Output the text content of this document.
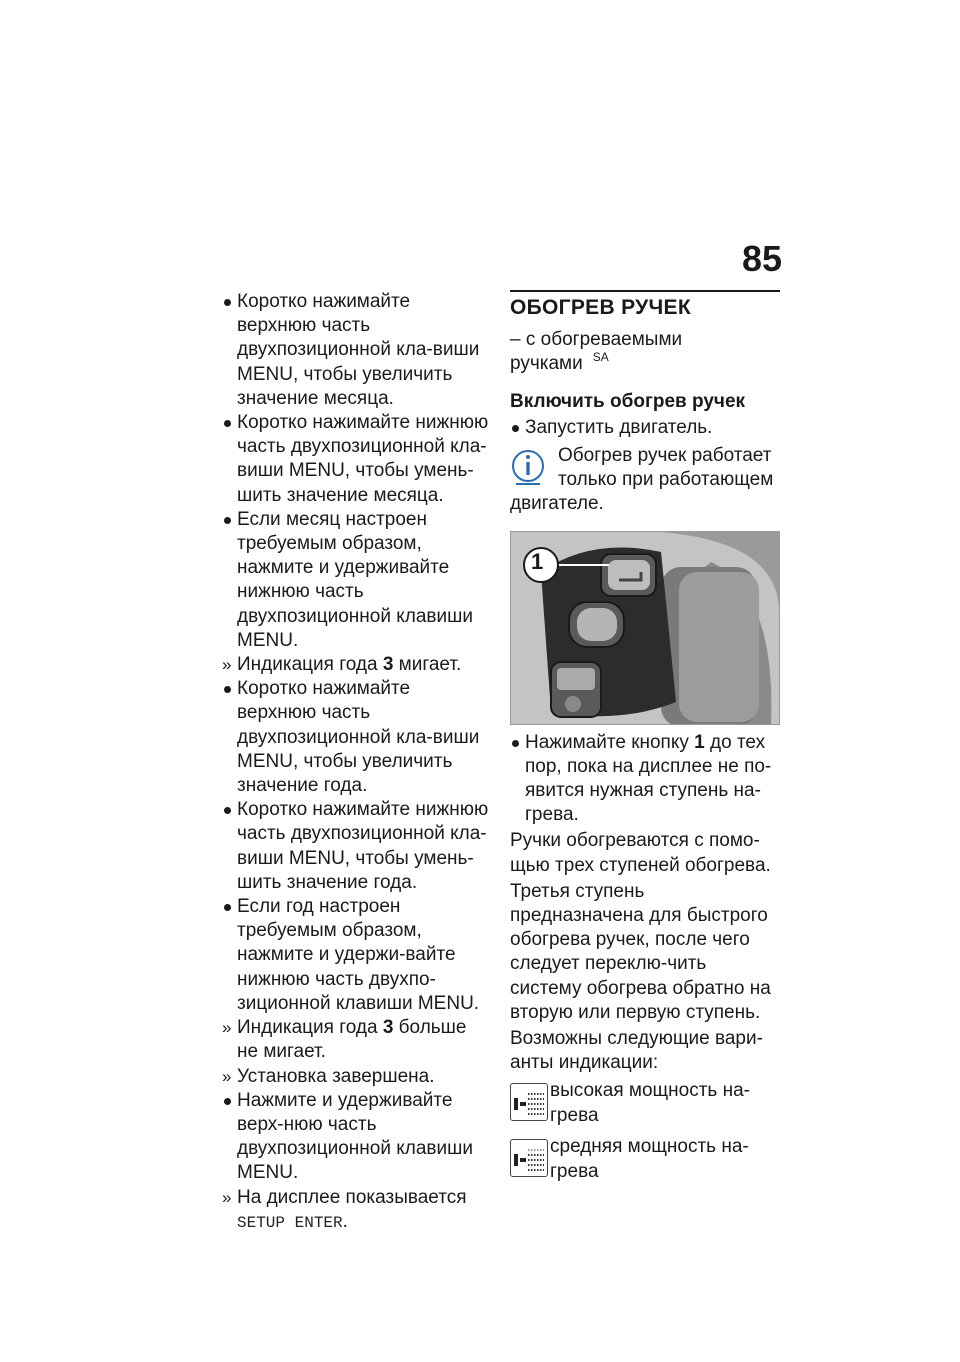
85
Коротко нажимайте верхнюю часть двухпозиционной кла-виши MENU, чтобы увеличить значение месяца.
Коротко нажимайте нижнюю часть двухпозиционной кла-виши MENU, чтобы умень-шить значение месяца.
Если месяц настроен требуемым образом, нажмите и удерживайте нижнюю часть двухпозиционной клавиши MENU.
» Индикация года 3 мигает.
Коротко нажимайте верхнюю часть двухпозиционной кла-виши MENU, чтобы увеличить значение года.
Коротко нажимайте нижнюю часть двухпозиционной кла-виши MENU, чтобы умень-шить значение года.
Если год настроен требуемым образом, нажмите и удержи-вайте нижнюю часть двухпо-зиционной клавиши MENU.
» Индикация года 3 больше не мигает.
» Установка завершена.
Нажмите и удерживайте верх-нюю часть двухпозиционной клавиши MENU.
» На дисплее показывается
SETUP ENTER.
ОБОГРЕВ РУЧЕК
– с обогреваемыми ручками $^{SA}$
Включить обогрев ручек
Запустить двигатель.
Обогрев ручек работает
только при работающем
двигателе.
1
Нажимайте кнопку 1 до тех пор, пока на дисплее не по-явится нужная ступень на-грева.
Ручки обогреваются с помо-щью трех ступеней обогрева.
Третья ступень предназначена для быстрого обогрева ручек, после чего следует переклю-чить систему обогрева обратно на вторую или первую ступень.
Возможны следующие вари-анты индикации:
высокая мощность на-грева
средняя мощность на-грева
